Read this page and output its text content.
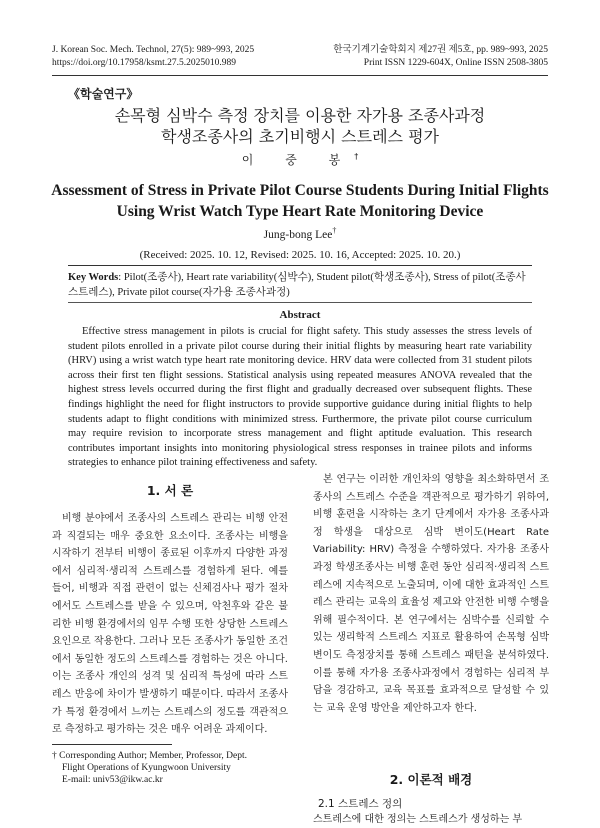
J. Korean Soc. Mech. Technol, 27(5): 989~993, 2025
https://doi.org/10.17958/ksmt.27.5.2025010.989
한국기계기술학회지 제27권 제5호, pp. 989~993, 2025
Print ISSN 1229-604X, Online ISSN 2508-3805
《학술연구》
손목형 심박수 측정 장치를 이용한 자가용 조종사과정
학생조종사의 초기비행시 스트레스 평가
이 중 봉†
Assessment of Stress in Private Pilot Course Students During Initial Flights
Using Wrist Watch Type Heart Rate Monitoring Device
Jung-bong Lee†
(Received: 2025. 10. 12, Revised: 2025. 10. 16, Accepted: 2025. 10. 20.)
Key Words: Pilot(조종사), Heart rate variability(심박수), Student pilot(학생조종사), Stress of pilot(조종사 스트레스), Private pilot course(자가용 조종사과정)
Abstract
Effective stress management in pilots is crucial for flight safety. This study assesses the stress levels of student pilots enrolled in a private pilot course during their initial flights by measuring heart rate variability (HRV) using a wrist watch type heart rate monitoring device. HRV data were collected from 31 student pilots across their first ten flight sessions. Statistical analysis using repeated measures ANOVA revealed that the highest stress levels occurred during the first flight and gradually decreased over subsequent flights. These findings highlight the need for flight instructors to provide supportive guidance during initial flights to help students adapt to flight conditions with minimized stress. Furthermore, the private pilot course curriculum may require revision to incorporate stress management and flight aptitude evaluation. This research contributes important insights into monitoring physiological stress responses in trainee pilots and informs strategies to enhance pilot training effectiveness and safety.
1. 서 론

비행 분야에서 조종사의 스트레스 관리는 비행 안전과 직결되는 매우 중요한 요소이다. 조종사는 비행을 시작하기 전부터 비행이 종료된 이후까지 다양한 과정에서 심리적·생리적 스트레스를 경험하게 된다. 예를 들어, 비행과 직접 관련이 없는 신체검사나 평가 절차에서도 스트레스를 받을 수 있으며, 악천후와 같은 불리한 비행 환경에서의 임무 수행 또한 상당한 스트레스 요인으로 작용한다. 그러나 모든 조종사가 동일한 조건에서 동일한 정도의 스트레스를 경험하는 것은 아니다. 이는 조종사 개인의 성격 및 심리적 특성에 따라 스트레스 반응에 차이가 발생하기 때문이다. 따라서 조종사가 특정 환경에서 느끼는 스트레스의 정도를 객관적으로 측정하고 평가하는 것은 매우 어려운 과제이다.

† Corresponding Author; Member, Professor, Dept.
Flight Operations of Kyungwoon University
E-mail: univ53@ikw.ac.kr

본 연구는 이러한 개인차의 영향을 최소화하면서 조종사의 스트레스 수준을 객관적으로 평가하기 위하여, 비행 훈련을 시작하는 초기 단계에서 자가용 조종사과정 학생을 대상으로 심박 변이도(Heart Rate Variability: HRV) 측정을 수행하였다. 자가용 조종사 과정 학생조종사는 비행 훈련 동안 심리적·생리적 스트레스에 지속적으로 노출되며, 이에 대한 효과적인 스트레스 관리는 교육의 효율성 제고와 안전한 비행 수행을 위해 필수적이다. 본 연구에서는 심박수를 신뢰할 수 있는 생리학적 스트레스 지표로 활용하여 손목형 심박 변이도 측정장치를 통해 스트레스 패턴을 분석하였다. 이를 통해 자가용 조종사과정에서 경험하는 심리적 부담을 경감하고, 교육 목표를 효과적으로 달성할 수 있는 교육 운영 방안을 제안하고자 한다.

2. 이론적 배경
2.1 스트레스 정의
스트레스에 대한 정의는 스트레스가 생성하는 부
